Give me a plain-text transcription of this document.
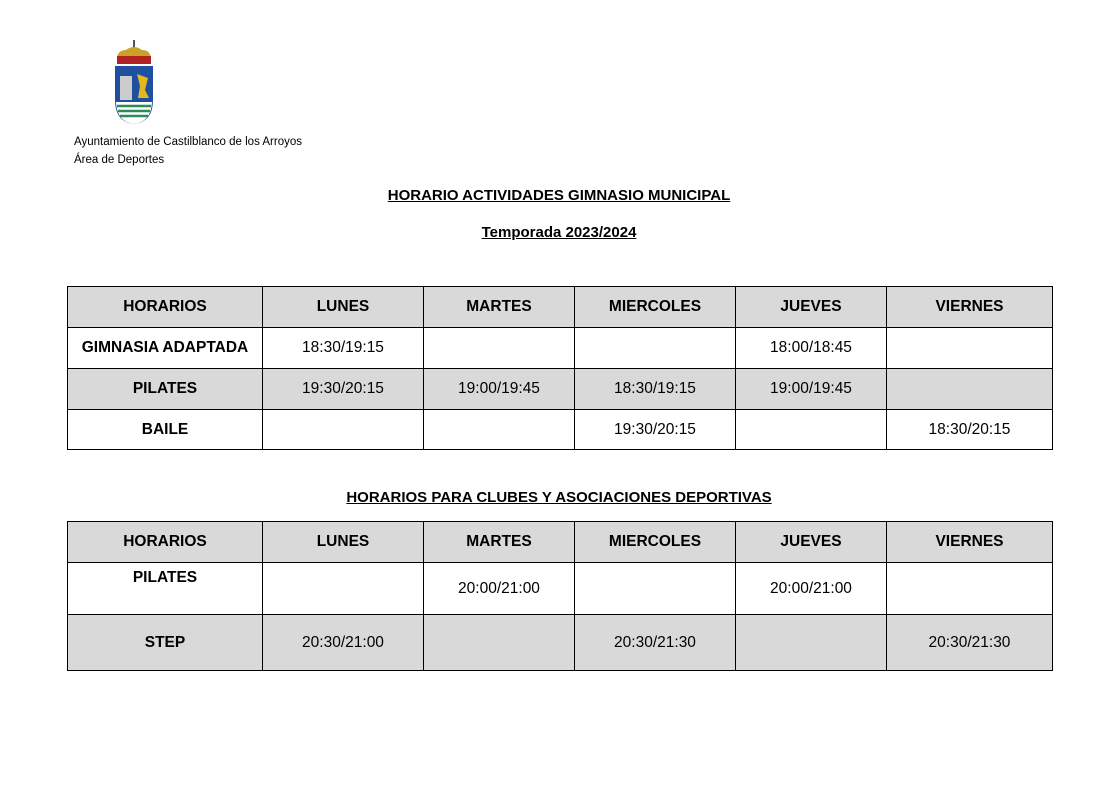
Ayuntamiento de Castilblanco de los Arroyos
Área de Deportes
HORARIO ACTIVIDADES GIMNASIO MUNICIPAL
Temporada 2023/2024
HORARIOS	LUNES	MARTES	MIERCOLES	JUEVES	VIERNES
GIMNASIA ADAPTADA	18:30/19:15			18:00/18:45	
PILATES	19:30/20:15	19:00/19:45	18:30/19:15	19:00/19:45	
BAILE			19:30/20:15		18:30/20:15
HORARIOS PARA CLUBES Y ASOCIACIONES DEPORTIVAS
HORARIOS	LUNES	MARTES	MIERCOLES	JUEVES	VIERNES
PILATES		20:00/21:00		20:00/21:00	
STEP	20:30/21:00		20:30/21:30		20:30/21:30
